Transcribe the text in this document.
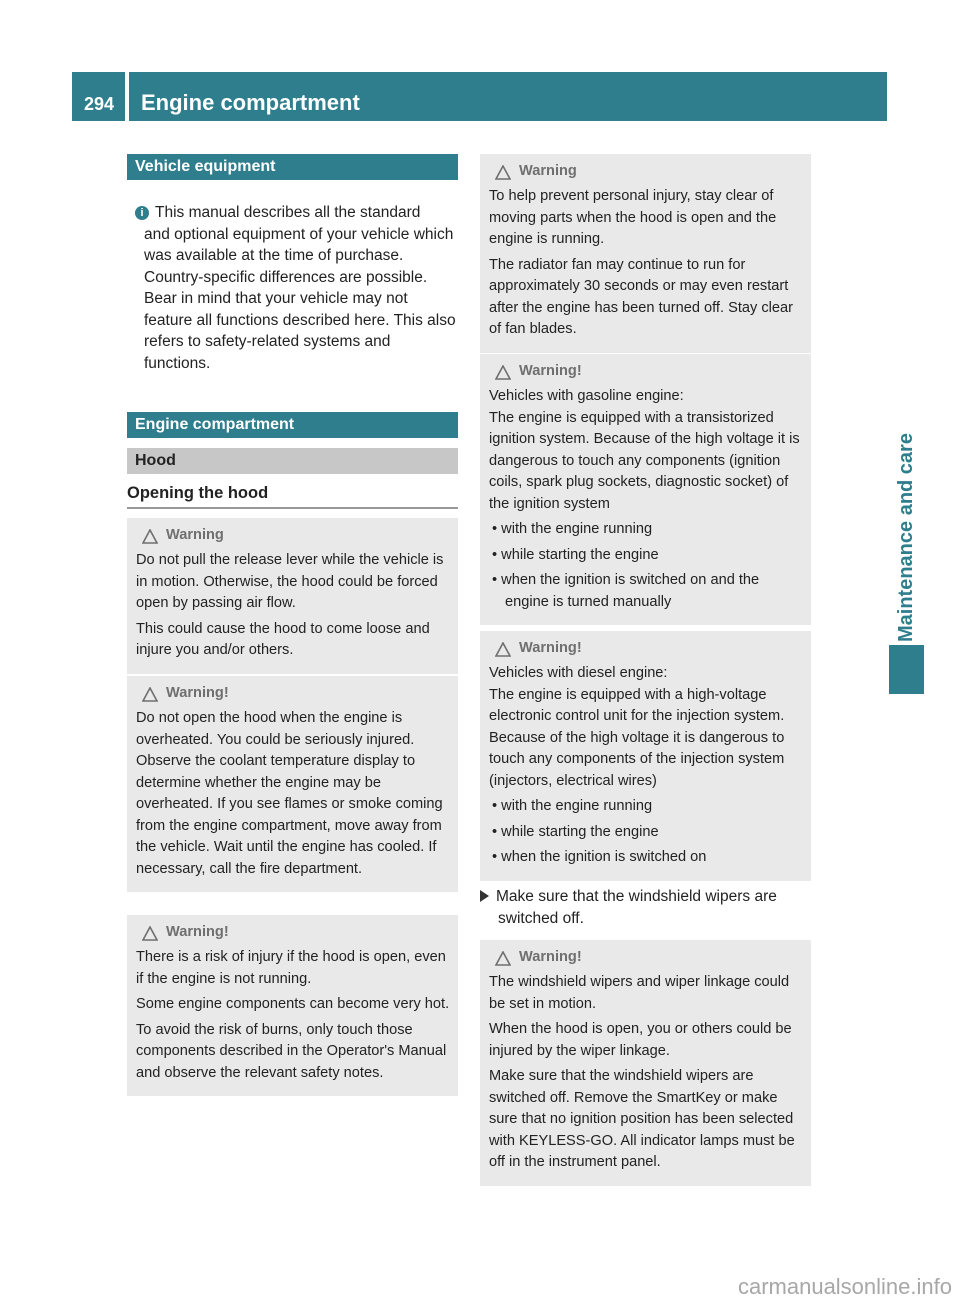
294	Engine compartment
Maintenance and care
Vehicle equipment
i This manual describes all the standard
and optional equipment of your vehicle which was available at the time of purchase. Country-specific differences are possible. Bear in mind that your vehicle may not feature all functions described here. This also refers to safety-related systems and functions.
Engine compartment
Hood
Opening the hood
Warning

Do not pull the release lever while the vehicle is in motion. Otherwise, the hood could be forced open by passing air flow.

This could cause the hood to come loose and injure you and/or others.

Warning!

Do not open the hood when the engine is overheated. You could be seriously injured. Observe the coolant temperature display to determine whether the engine may be overheated. If you see flames or smoke coming from the engine compartment, move away from the vehicle. Wait until the engine has cooled. If necessary, call the fire department.

Warning!

There is a risk of injury if the hood is open, even if the engine is not running.

Some engine components can become very hot.

To avoid the risk of burns, only touch those components described in the Operator's Manual and observe the relevant safety notes.

Warning

To help prevent personal injury, stay clear of moving parts when the hood is open and the engine is running.

The radiator fan may continue to run for approximately 30 seconds or may even restart after the engine has been turned off. Stay clear of fan blades.

Warning!

Vehicles with gasoline engine:

The engine is equipped with a transistorized ignition system. Because of the high voltage it is dangerous to touch any components (ignition coils, spark plug sockets, diagnostic socket) of the ignition system

• with the engine running
• while starting the engine
• when the ignition is switched on and the engine is turned manually
Warning!

Vehicles with diesel engine:

The engine is equipped with a high-voltage electronic control unit for the injection system. Because of the high voltage it is dangerous to touch any components of the injection system (injectors, electrical wires)

• with the engine running
• while starting the engine
• when the ignition is switched on
Make sure that the windshield wipers are switched off.
Warning!

The windshield wipers and wiper linkage could be set in motion.

When the hood is open, you or others could be injured by the wiper linkage.

Make sure that the windshield wipers are switched off. Remove the SmartKey or make sure that no ignition position has been selected with KEYLESS-GO. All indicator lamps must be off in the instrument panel.

carmanualsonline.info
